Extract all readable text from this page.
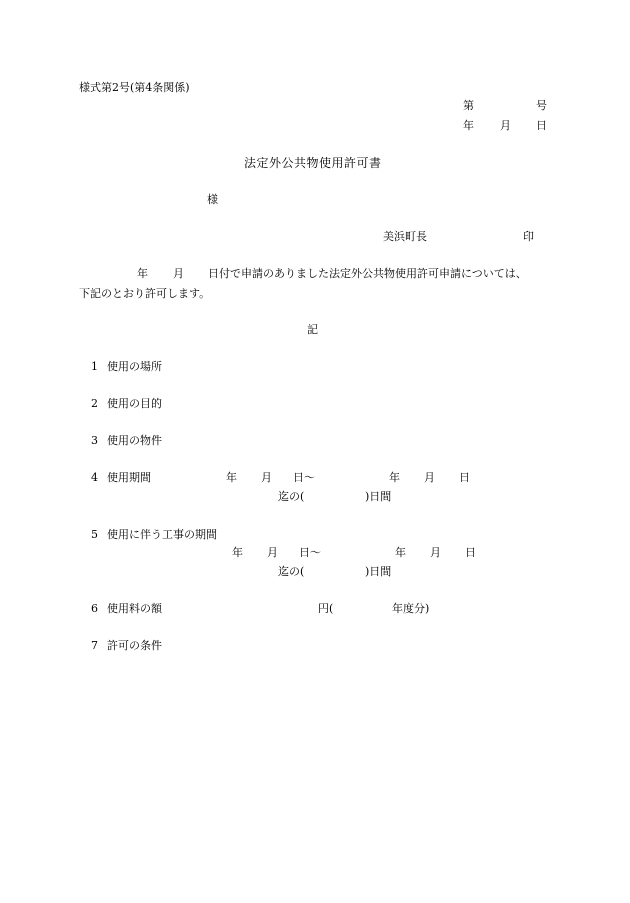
様式第2号(第4条関係)
第	号
年 月 日
法定外公共物使用許可書
様
美浜町長	印
年 月 日付で申請のありました法定外公共物使用許可申請については、
下記のとおり許可します。
記
1 使用の場所
2 使用の目的
3 使用の物件
4 使用期間	年 月 日～	年 月 日
迄の(	)日間
5 使用に伴う工事の期間
年 月 日～	年 月 日
迄の(	)日間
6 使用料の額	円(	年度分)
7 許可の条件
